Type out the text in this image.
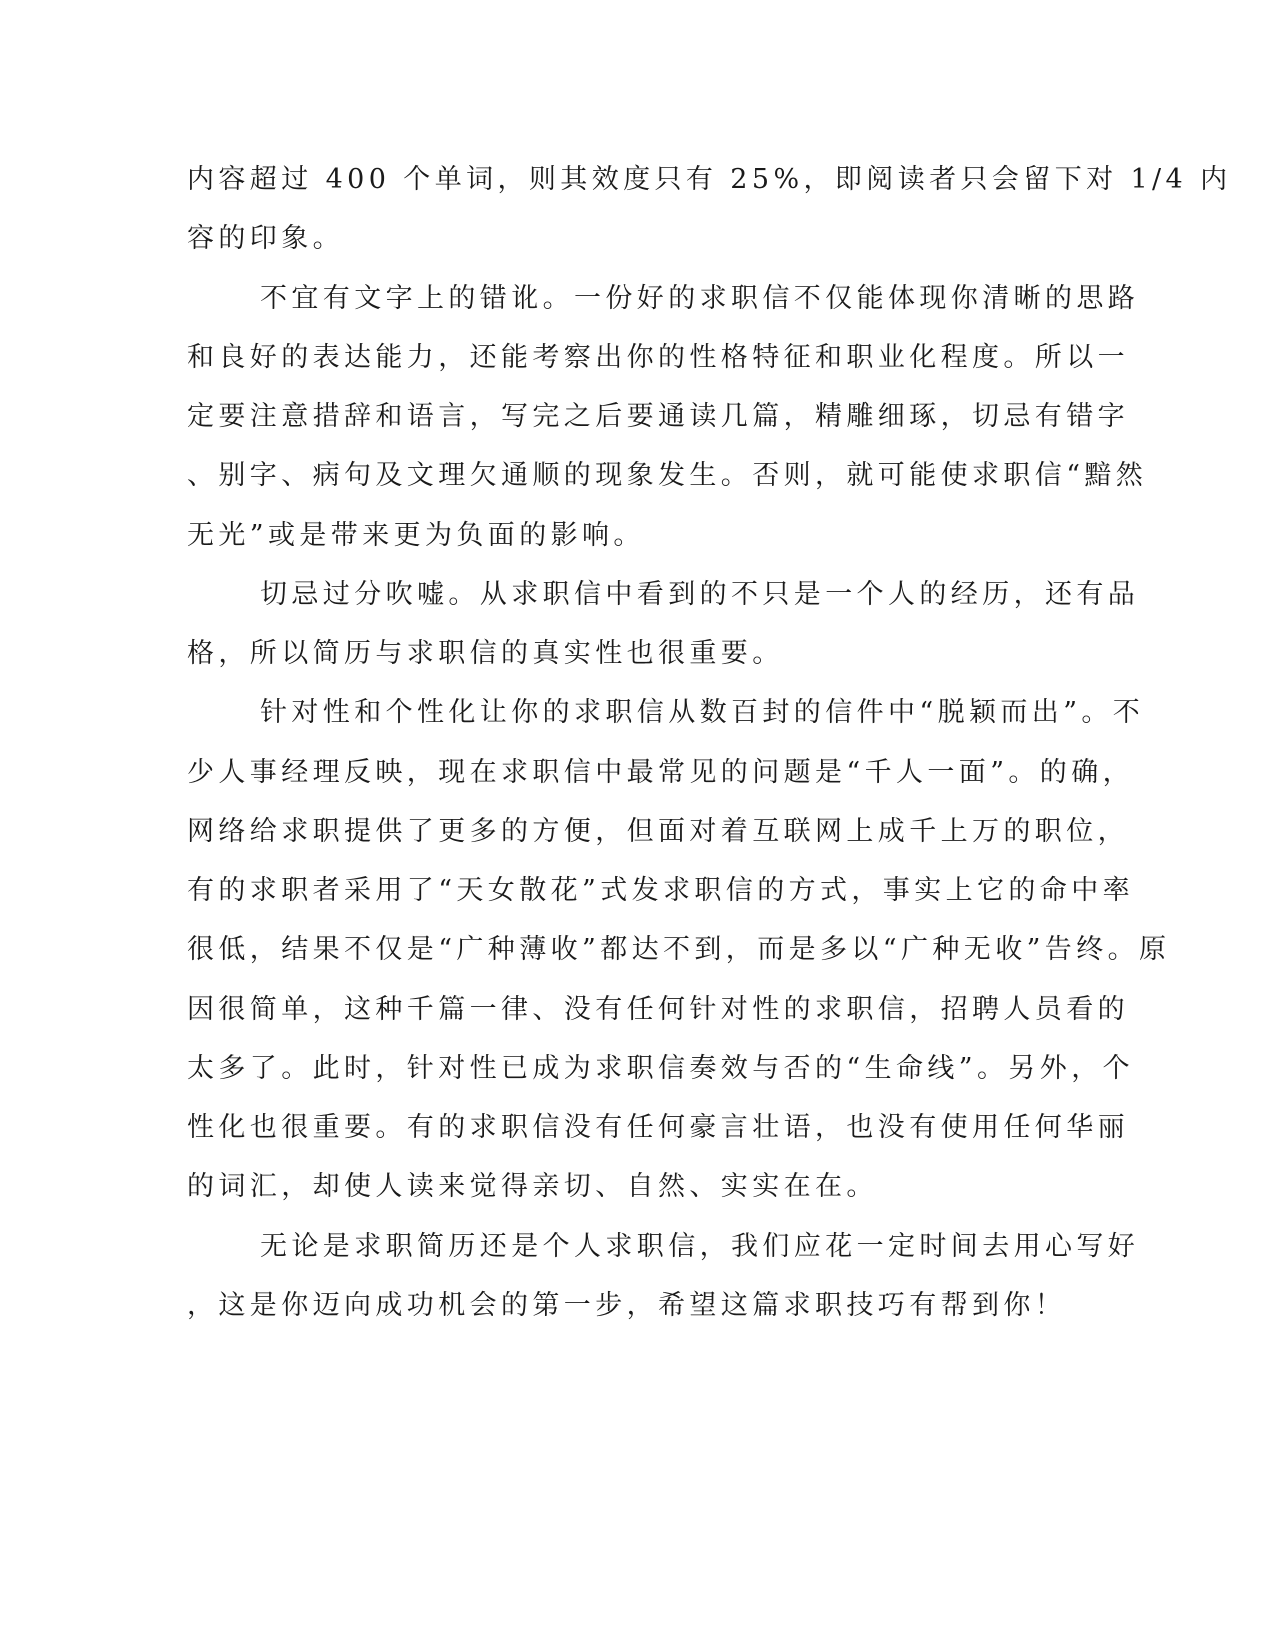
内容超过 400 个单词，则其效度只有 25%，即阅读者只会留下对 1/4 内
容的印象。
不宜有文字上的错讹。一份好的求职信不仅能体现你清晰的思路
和良好的表达能力，还能考察出你的性格特征和职业化程度。所以一
定要注意措辞和语言，写完之后要通读几篇，精雕细琢，切忌有错字
、别字、病句及文理欠通顺的现象发生。否则，就可能使求职信“黯然
无光”或是带来更为负面的影响。
切忌过分吹嘘。从求职信中看到的不只是一个人的经历，还有品
格，所以简历与求职信的真实性也很重要。
针对性和个性化让你的求职信从数百封的信件中“脱颖而出”。不
少人事经理反映，现在求职信中最常见的问题是“千人一面”。的确，
网络给求职提供了更多的方便，但面对着互联网上成千上万的职位，
有的求职者采用了“天女散花”式发求职信的方式，事实上它的命中率
很低，结果不仅是“广种薄收”都达不到，而是多以“广种无收”告终。原
因很简单，这种千篇一律、没有任何针对性的求职信，招聘人员看的
太多了。此时，针对性已成为求职信奏效与否的“生命线”。另外，个
性化也很重要。有的求职信没有任何豪言壮语，也没有使用任何华丽
的词汇，却使人读来觉得亲切、自然、实实在在。
无论是求职简历还是个人求职信，我们应花一定时间去用心写好
，这是你迈向成功机会的第一步，希望这篇求职技巧有帮到你！
